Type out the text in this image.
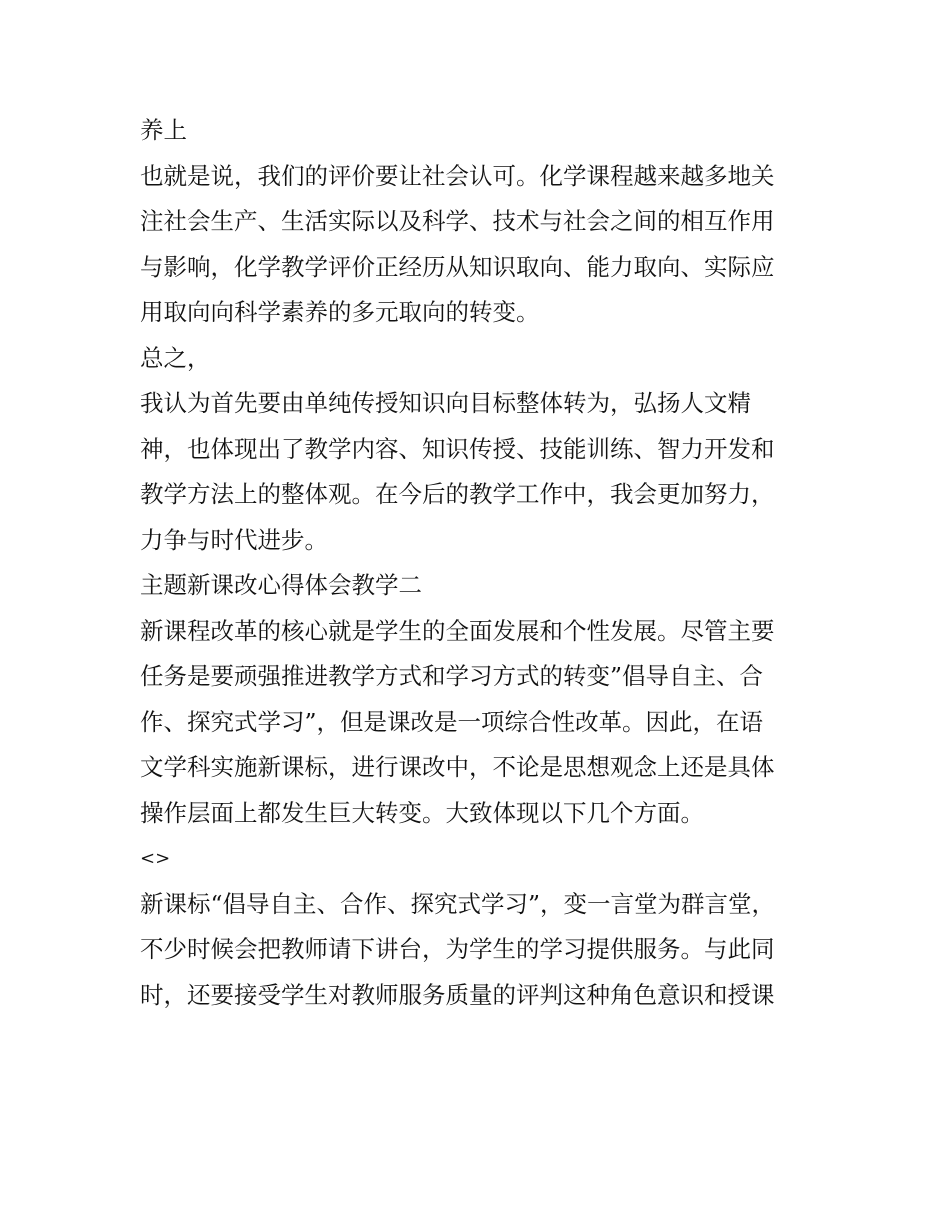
养上
也就是说，我们的评价要让社会认可。化学课程越来越多地关
注社会生产、生活实际以及科学、技术与社会之间的相互作用
与影响，化学教学评价正经历从知识取向、能力取向、实际应
用取向向科学素养的多元取向的转变。
总之，
我认为首先要由单纯传授知识向目标整体转为，弘扬人文精
神，也体现出了教学内容、知识传授、技能训练、智力开发和
教学方法上的整体观。在今后的教学工作中，我会更加努力，
力争与时代进步。
主题新课改心得体会教学二
新课程改革的核心就是学生的全面发展和个性发展。尽管主要
任务是要顽强推进教学方式和学习方式的转变”倡导自主、合
作、探究式学习”，但是课改是一项综合性改革。因此，在语
文学科实施新课标，进行课改中，不论是思想观念上还是具体
操作层面上都发生巨大转变。大致体现以下几个方面。
<>
新课标“倡导自主、合作、探究式学习”，变一言堂为群言堂，
不少时候会把教师请下讲台，为学生的学习提供服务。与此同
时，还要接受学生对教师服务质量的评判这种角色意识和授课
